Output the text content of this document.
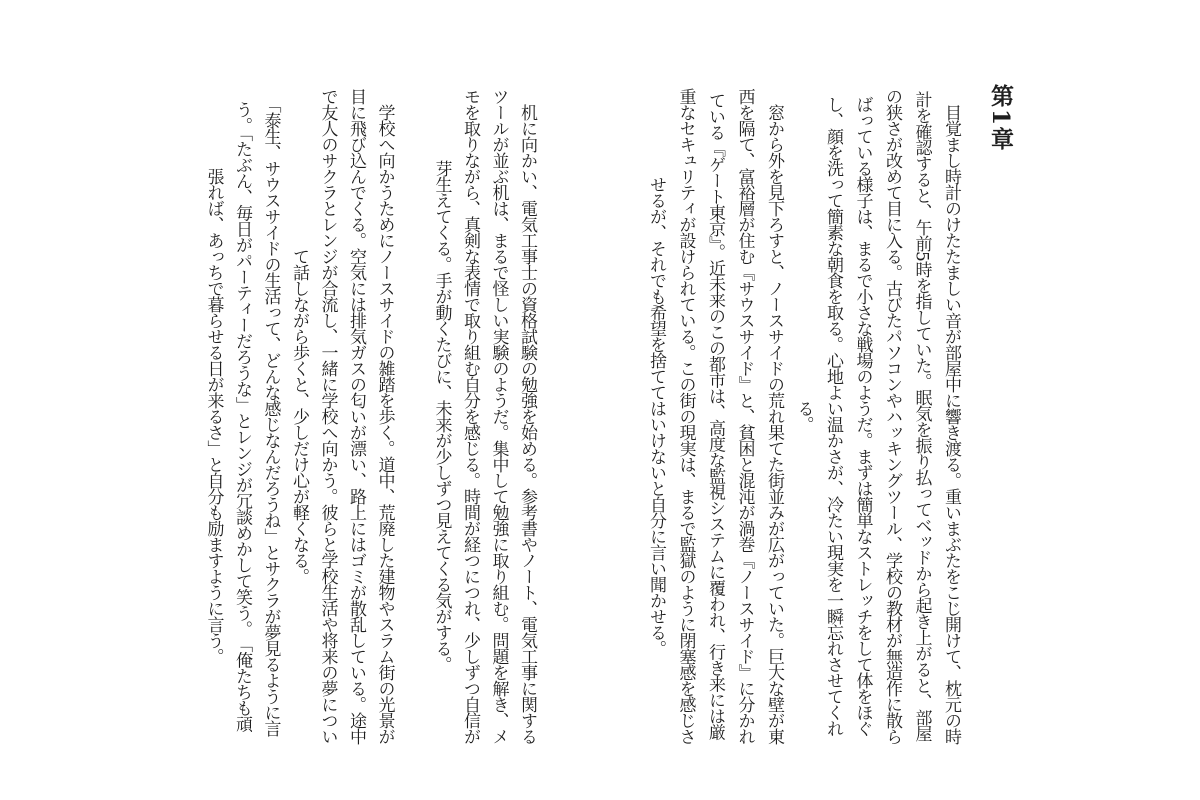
第1章
　目覚まし時計のけたたましい音が部屋中に響き渡る。重いまぶたをこじ開けて、枕元の時
計を確認すると、午前5時を指していた。眠気を振り払ってベッドから起き上がると、部屋
の狭さが改めて目に入る。古びたパソコンやハッキングツール、学校の教材が無造作に散ら
ばっている様子は、まるで小さな戦場のようだ。まずは簡単なストレッチをして体をほぐ
し、顔を洗って簡素な朝食を取る。心地よい温かさが、冷たい現実を一瞬忘れさせてくれ
る。
　窓から外を見下ろすと、ノースサイドの荒れ果てた街並みが広がっていた。巨大な壁が東
西を隔て、富裕層が住む『サウスサイド』と、貧困と混沌が渦巻『ノースサイド』に分かれ
ている『ゲート東京』。近未来のこの都市は、高度な監視システムに覆われ、行き来には厳
重なセキュリティが設けられている。この街の現実は、まるで監獄のように閉塞感を感じさ
せるが、それでも希望を捨ててはいけないと自分に言い聞かせる。
　机に向かい、電気工事士の資格試験の勉強を始める。参考書やノート、電気工事に関する
ツールが並ぶ机は、まるで怪しい実験のようだ。集中して勉強に取り組む。問題を解き、メ
モを取りながら、真剣な表情で取り組む自分を感じる。時間が経つにつれ、少しずつ自信が
芽生えてくる。手が動くたびに、未来が少しずつ見えてくる気がする。
　学校へ向かうためにノースサイドの雑踏を歩く。道中、荒廃した建物やスラム街の光景が
目に飛び込んでくる。空気には排気ガスの匂いが漂い、路上にはゴミが散乱している。途中
で友人のサクラとレンジが合流し、一緒に学校へ向かう。彼らと学校生活や将来の夢につい
て話しながら歩くと、少しだけ心が軽くなる。
「泰生、サウスサイドの生活って、どんな感じなんだろうね」とサクラが夢見るように言
う。「たぶん、毎日がパーティーだろうな」とレンジが冗談めかして笑う。　「俺たちも頑
張れば、あっちで暮らせる日が来るさ」と自分も励ますように言う。
